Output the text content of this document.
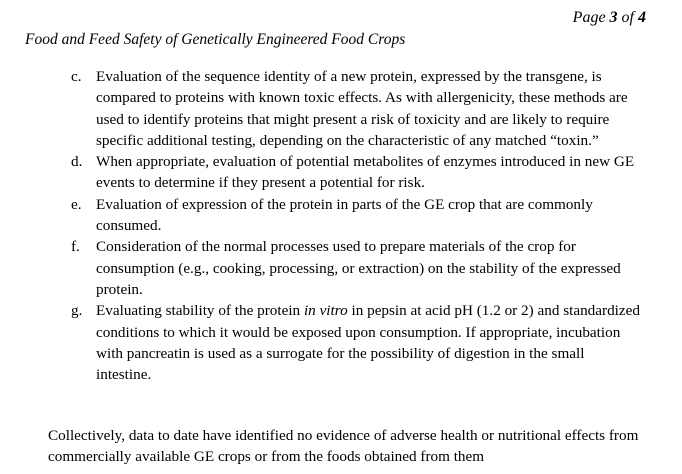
Page 3 of 4
Food and Feed Safety of Genetically Engineered Food Crops
c. Evaluation of the sequence identity of a new protein, expressed by the transgene, is compared to proteins with known toxic effects. As with allergenicity, these methods are used to identify proteins that might present a risk of toxicity and are likely to require specific additional testing, depending on the characteristic of any matched “toxin.”
d. When appropriate, evaluation of potential metabolites of enzymes introduced in new GE events to determine if they present a potential for risk.
e. Evaluation of expression of the protein in parts of the GE crop that are commonly consumed.
f. Consideration of the normal processes used to prepare materials of the crop for consumption (e.g., cooking, processing, or extraction) on the stability of the expressed protein.
g. Evaluating stability of the protein in vitro in pepsin at acid pH (1.2 or 2) and standardized conditions to which it would be exposed upon consumption. If appropriate, incubation with pancreatin is used as a surrogate for the possibility of digestion in the small intestine.

Collectively, data to date have identified no evidence of adverse health or nutritional effects from commercially available GE crops or from the foods obtained from them
